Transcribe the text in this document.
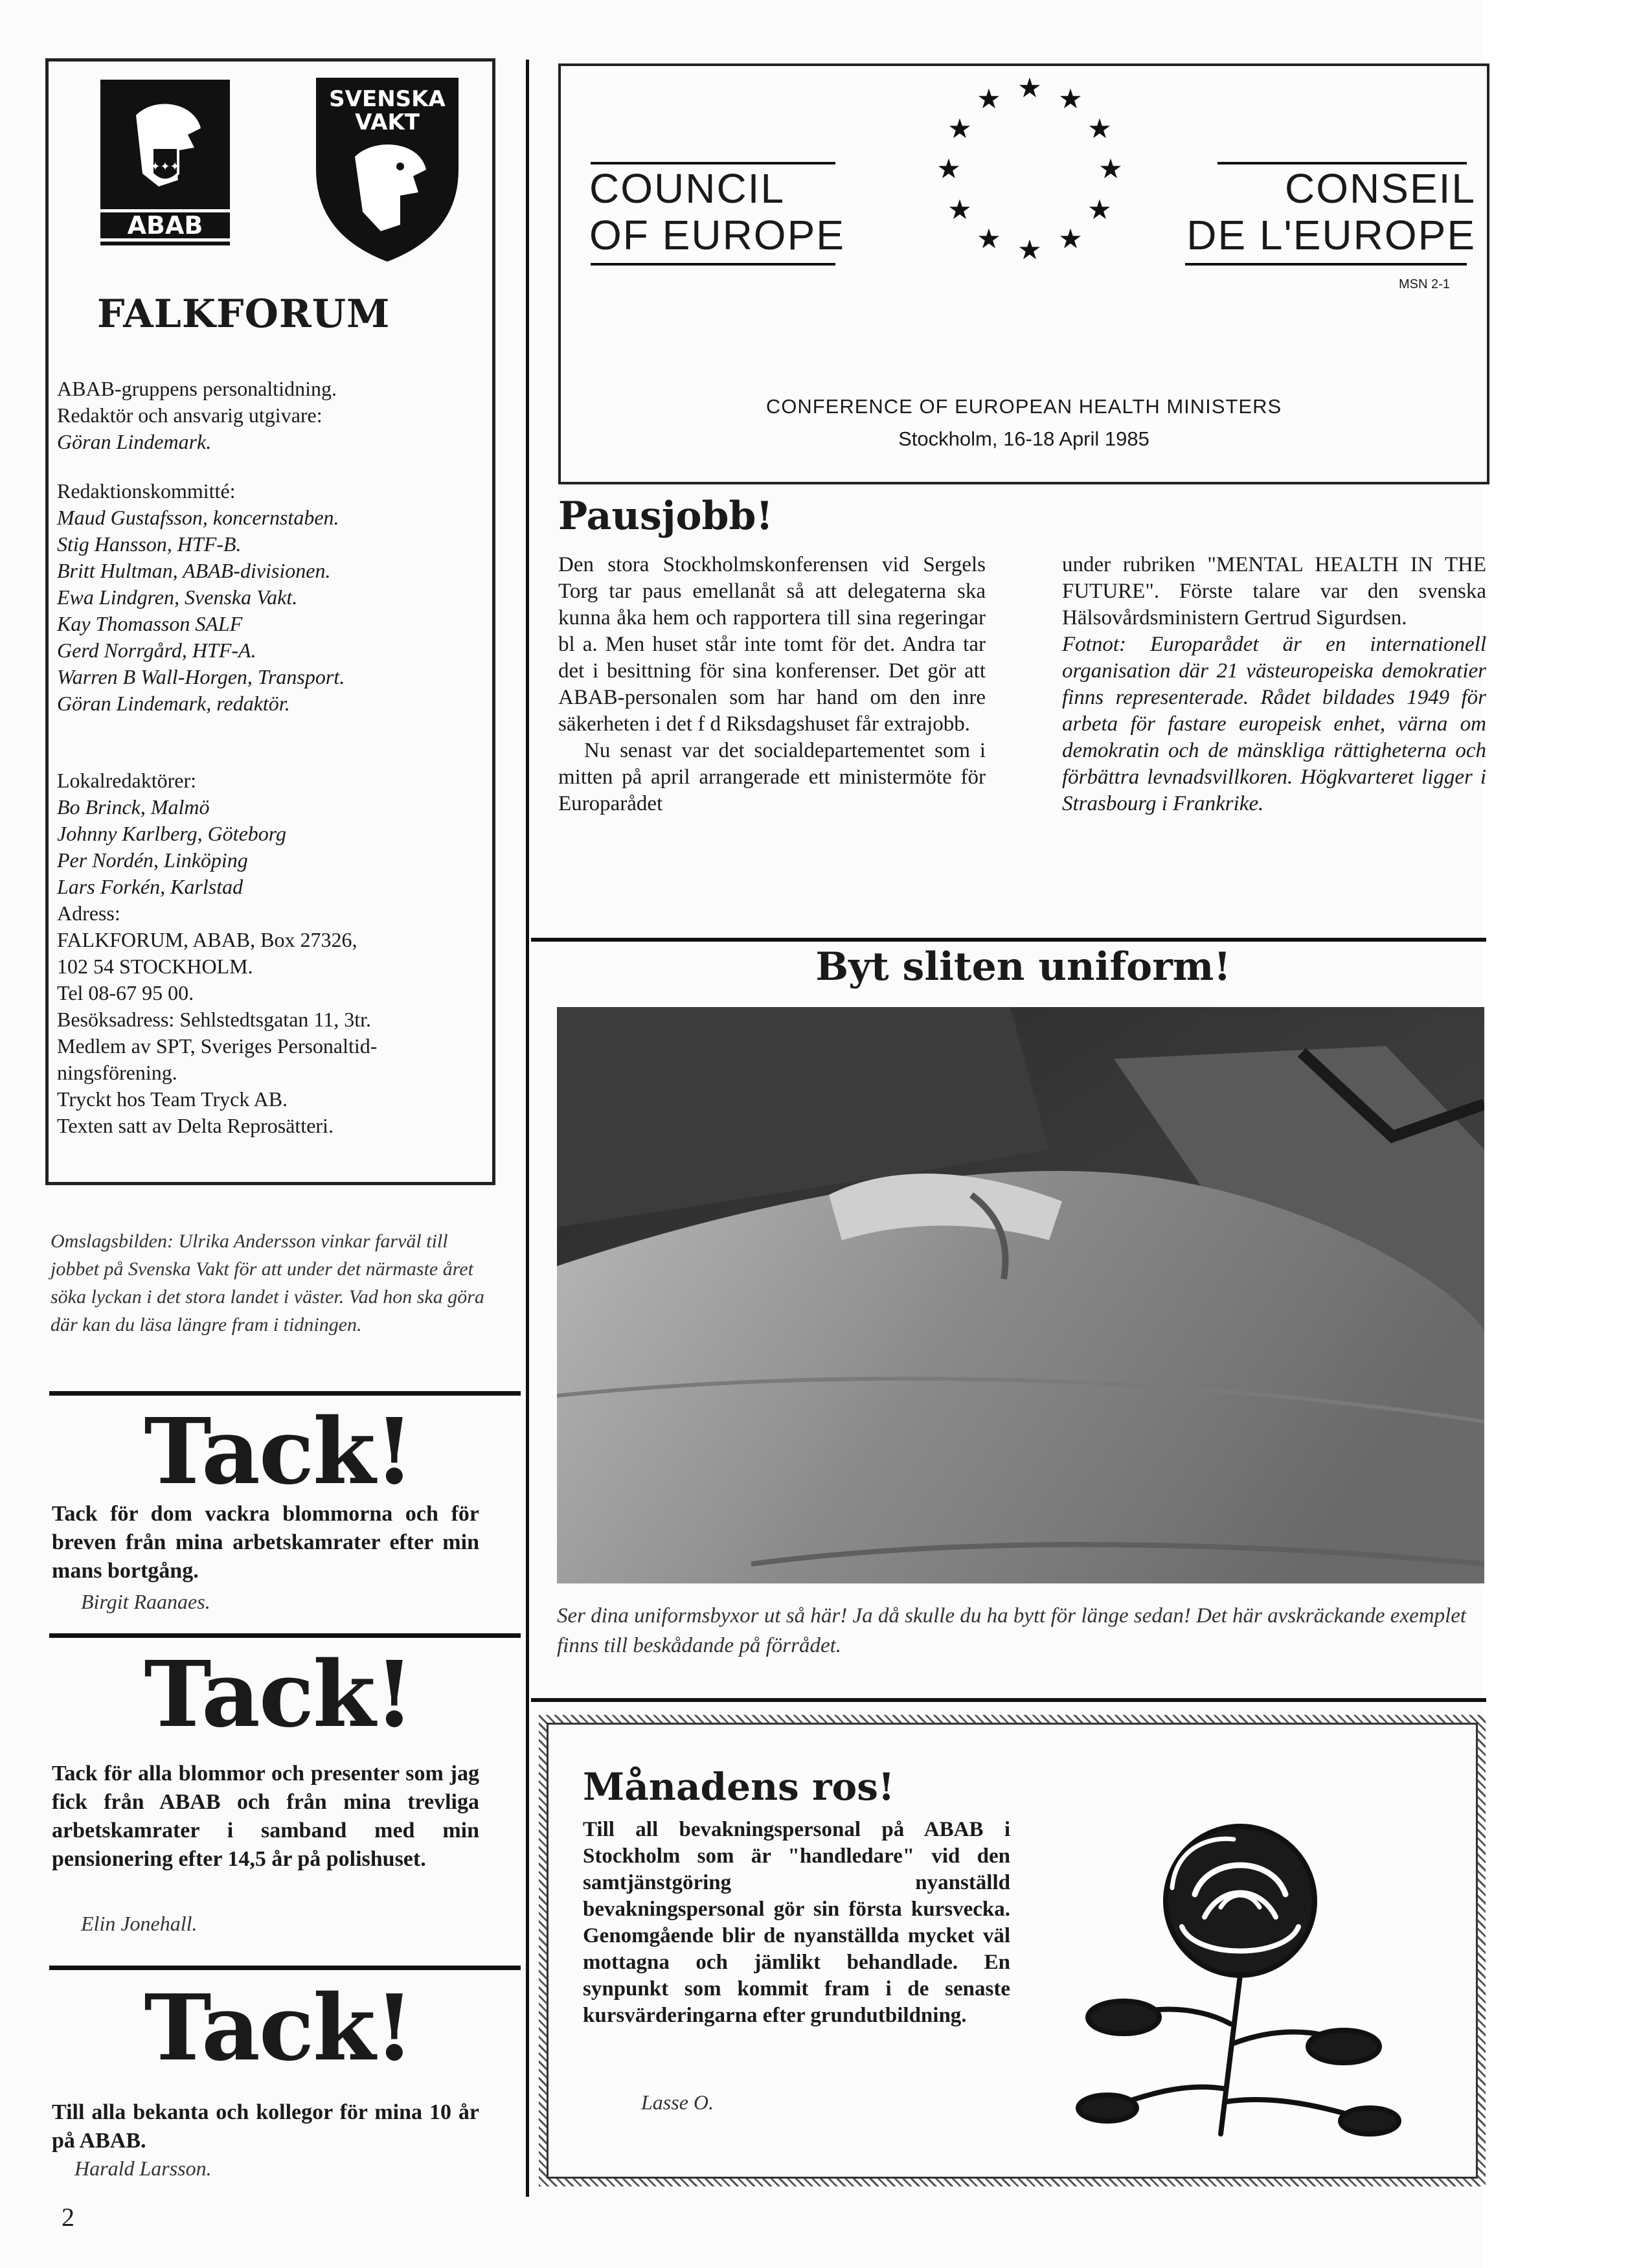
✦✦✦
ABAB
SVENSKA
VAKT
FALKFORUM

ABAB-gruppens personaltidning.

Redaktör och ansvarig utgivare:

Göran Lindemark.

Redaktionskommitté:

Maud Gustafsson, koncernstaben.

Stig Hansson, HTF-B.

Britt Hultman, ABAB-divisionen.

Ewa Lindgren, Svenska Vakt.

Kay Thomasson SALF

Gerd Norrgård, HTF-A.

Warren B Wall-Horgen, Transport.

Göran Lindemark, redaktör.

Lokalredaktörer:

Bo Brinck, Malmö

Johnny Karlberg, Göteborg

Per Nordén, Linköping

Lars Forkén, Karlstad

Adress:

FALKFORUM, ABAB, Box 27326,

102 54 STOCKHOLM.

Tel 08-67 95 00.

Besöksadress: Sehlstedtsgatan 11, 3tr.

Medlem av SPT, Sveriges Personaltid-

ningsförening.

Tryckt hos Team Tryck AB.

Texten satt av Delta Reprosätteri.

Omslagsbilden: Ulrika Andersson vinkar farväl till jobbet på Svenska Vakt för att under det närmaste året söka lyckan i det stora landet i väster. Vad hon ska göra där kan du läsa längre fram i tidningen.
Tack!
Tack för dom vackra blommorna och för breven från mina arbetskamrater efter min mans bortgång.
Birgit Raanaes.
Tack!
Tack för alla blommor och presenter som jag fick från ABAB och från mina trevliga arbetskamrater i samband med min pensionering efter 14,5 år på polishuset.
Elin Jonehall.
Tack!
Till alla bekanta och kollegor för mina 10 år på ABAB.
Harald Larsson.
★ ★
★
★
★
★
★
★
★
★
★
★
COUNCIL
OF EUROPE
CONSEIL
DE L'EUROPE
MSN 2-1
CONFERENCE OF EUROPEAN HEALTH MINISTERS
Stockholm, 16-18 April 1985
Pausjobb!

Den stora Stockholmskonferensen vid Sergels Torg tar paus emellanåt så att delegaterna ska kunna åka hem och rapportera till sina regeringar bl a. Men huset står inte tomt för det. Andra tar det i besittning för sina konferenser. Det gör att ABAB-personalen som har hand om den inre säkerheten i det f d Riksdagshuset får extrajobb.

Nu senast var det socialdepartementet som i mitten på april arrangerade ett ministermöte för Europarådet

under rubriken "MENTAL HEALTH IN THE FUTURE". Förste talare var den svenska Hälsovårdsministern Gertrud Sigurdsen.

Fotnot: Europarådet är en internationell organisation där 21 västeuropeiska demokratier finns representerade. Rådet bildades 1949 för arbeta för fastare europeisk enhet, värna om demokratin och de mänskliga rättigheterna och förbättra levnadsvillkoren. Högkvarteret ligger i Strasbourg i Frankrike.

Byt sliten uniform!
Ser dina uniformsbyxor ut så här! Ja då skulle du ha bytt för länge sedan! Det här avskräckande exemplet finns till beskådande på förrådet.
Månadens ros!
Till all bevakningspersonal på ABAB i Stockholm som är "handledare" vid den samtjänstgöring nyanställd bevakningspersonal gör sin första kursvecka. Genomgående blir de nyanställda mycket väl mottagna och jämlikt behandlade. En synpunkt som kommit fram i de senaste kursvärderingarna efter grundutbildning.
Lasse O.
2
